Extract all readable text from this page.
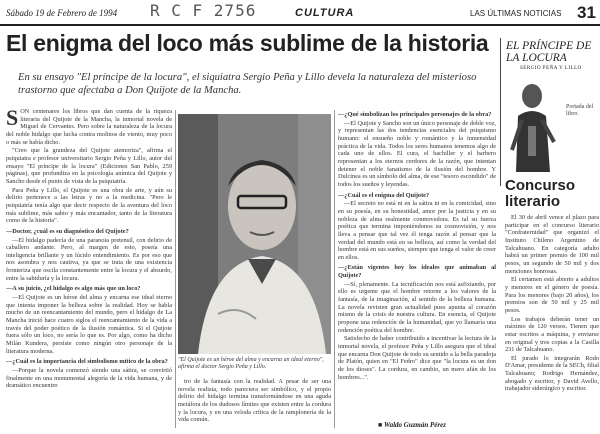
Sábado 19 de Febrero de 1994 R C F 2756	CULTURA	LAS ÚLTIMAS NOTICIAS 31
El enigma del loco más sublime de la historia
En su ensayo "El príncipe de la locura", el siquiatra Sergio Peña y Lillo devela la naturaleza del misterioso trastorno que afectaba a Don Quijote de la Mancha.
S ON centenares los libros que dan cuenta de la riqueza literaria del Quijote de la Mancha, la inmortal novela de Miguel de Cervantes. Pero sobre la naturaleza de la locura del noble hidalgo que lucha contra molinos de viento, muy poco o más se había dicho.

"Creo que la grandeza del Quijote atemoriza", afirma el psiquiatra e profesor universitario Sergio Peña y Lillo, autor del ensayo "El príncipe de la locura" (Ediciones San Pablo, 259 páginas), que profundiza en la psicología anímica del Quijote y Sancho desde el punto de vista de la psiquiatría.

Para Peña y Lillo, el Quijote es una obra de arte, y aún su delirio pertenece a las letras y no a la medicina. "Pero le psiquiatría tenía algo que decir respecto de la aventura del loco más sublime, más sabio y más encantador, tanto de la literatura como de la historia".

—Doctor, ¿cuál es su diagnóstico del Quijote?

—El hidalgo padecía de una paranoia pretensil, con delirio de caballero andante. Pero, al margen de esto, poseía una inteligencia brillante y un lúcido entendimiento. Es por eso que nos asombra y nos cautiva, ya que se trata de una existencia fronteriza que oscila constantemente entre la locura y el absurdo, entre la sabiduría y la locura.

—A su juicio, ¿el hidalgo es algo más que un loco?

—El Quijote es un héroe del alma y encarna ese ideal eterno que intenta imponer la belleza sobre la realidad. Hoy se habla mucho de un reencantamiento del mundo, pero el hidalgo de La Mancha inició hace cuatro siglos el reencantamiento de la vida a través del poder poético de la ilusión romántica. Si el Quijote fuera sólo un loco, no sería lo que es. Por algo, como ha dicho Milán Kundera, persiste como ningún otro personaje de la literatura moderna.

—¿Cuál es la importancia del simbolismo mítico de la obra?

—Porque la novela comenzó siendo una sátira, se convirtió finalmente en una monumental alegoría de la vida humana, y de dramático encuentro

"El Quijote es un héroe del alma y encarna un ideal eterno", afirma el doctor Sergio Peña y Lillo.

tro de la fantasía con la realidad. A pesar de ser una novela realista, todo pareciera ser simbólico, y el propio delirio del hidalgo termina transformándose en una aguda metáfora de los dudosos límites que existen entre la cordura y la locura, y en una veloda crítica de la ramplonería de la vida común.

—¿Qué simbolizan los principales personajes de la obra?

—El Quijote y Sancho son un único personaje de doble voz, y representan las dos tendencias esenciales del psiquismo humano: el ensueño noble y romántico y la inmensidad práctica de la vida. Todos los seres humanos tenemos algo de cada uno de ellos. El cura, el bachiller y el barbero representan a los eternos cerdores de la razón, que intentan detener el noble fanatismo de la ilusión del hombre. Y Dulcinea es un símbolo del alma, de ese "tesoro escondido" de todos los sueños y leyendas.

—¿Cuál es el enigma del Quijote?

—El secreto no está ni en la sátira ni en la comicidad, sino en su poesía, en su honestidad, amor por la justicia y en su nobleza de alma realmente conmovedora. Es tal su fuerza poética que termina imponiéndonos su cosmovisión, y nos lleva a pensar que tal vez él tenga razón al pensar que la verdad del mundo está en su belleza, así como la verdad del hombre está en sus sueños, siempre que tenga el valor de creer en ellos.

—¿Están vigentes hoy los ideales que animaban al Quijote?

—Sí, plenamente. La tecnificación nos está asfixiando, por ello es urgente que el hombre retorne a los valores de la fantasía, de la imaginación, al sentido de la belleza humana. La novela revisten gran actualidad pues apunta al corazón mismo de la crisis de nuestra cultura. En esencia, el Quijote propone una redención de la humanidad, que yo llamaría una redención poética del hombre.

Satisfecho de haber contribuido a incentivar la lectura de la inmortal novela, el profesor Peña y Lillo asegura que el ideal que encarna Don Quijote de todo su sentido a la bella paradoja de Platón, quien en "El Fedro" dice que "la locura es un don de los dioses". La cordura, en cambio, un mero afán de los hombres...".

■ Waldo Guzmán Pérez
EL PRÍNCIPE DE LA LOCURA
SERGIO PEÑA Y LILLO
Portada del libro.
Concurso literario

El 30 de abril vence el plazo para participar en el concurso literario "Confraternidad" que organizó el Instituto Chileno Argentino de Talcahuano. En categoría adulto habrá un primer premio de 100 mil pesos, un segundo de 50 mil y dos menciones honrosas.

El certamen está abierto a adultos y menores en el género de poesía. Para los menores (bajo 20 años), los premios son de 50 mil y 25 mil pesos.

Los trabajos deberán tener un máximo de 120 versos. Tienen que estar escritos a máquina, y enviarse en original y tres copias a la Casilla 231 de Talcahuano.

El jurado lo integrarán Rodo D'Amar, presidente de la SECh, filial Talcahuano; Rodrigo Hernández, abogado y escritor, y David Avello, trabajador siderúrgico y escritor.
